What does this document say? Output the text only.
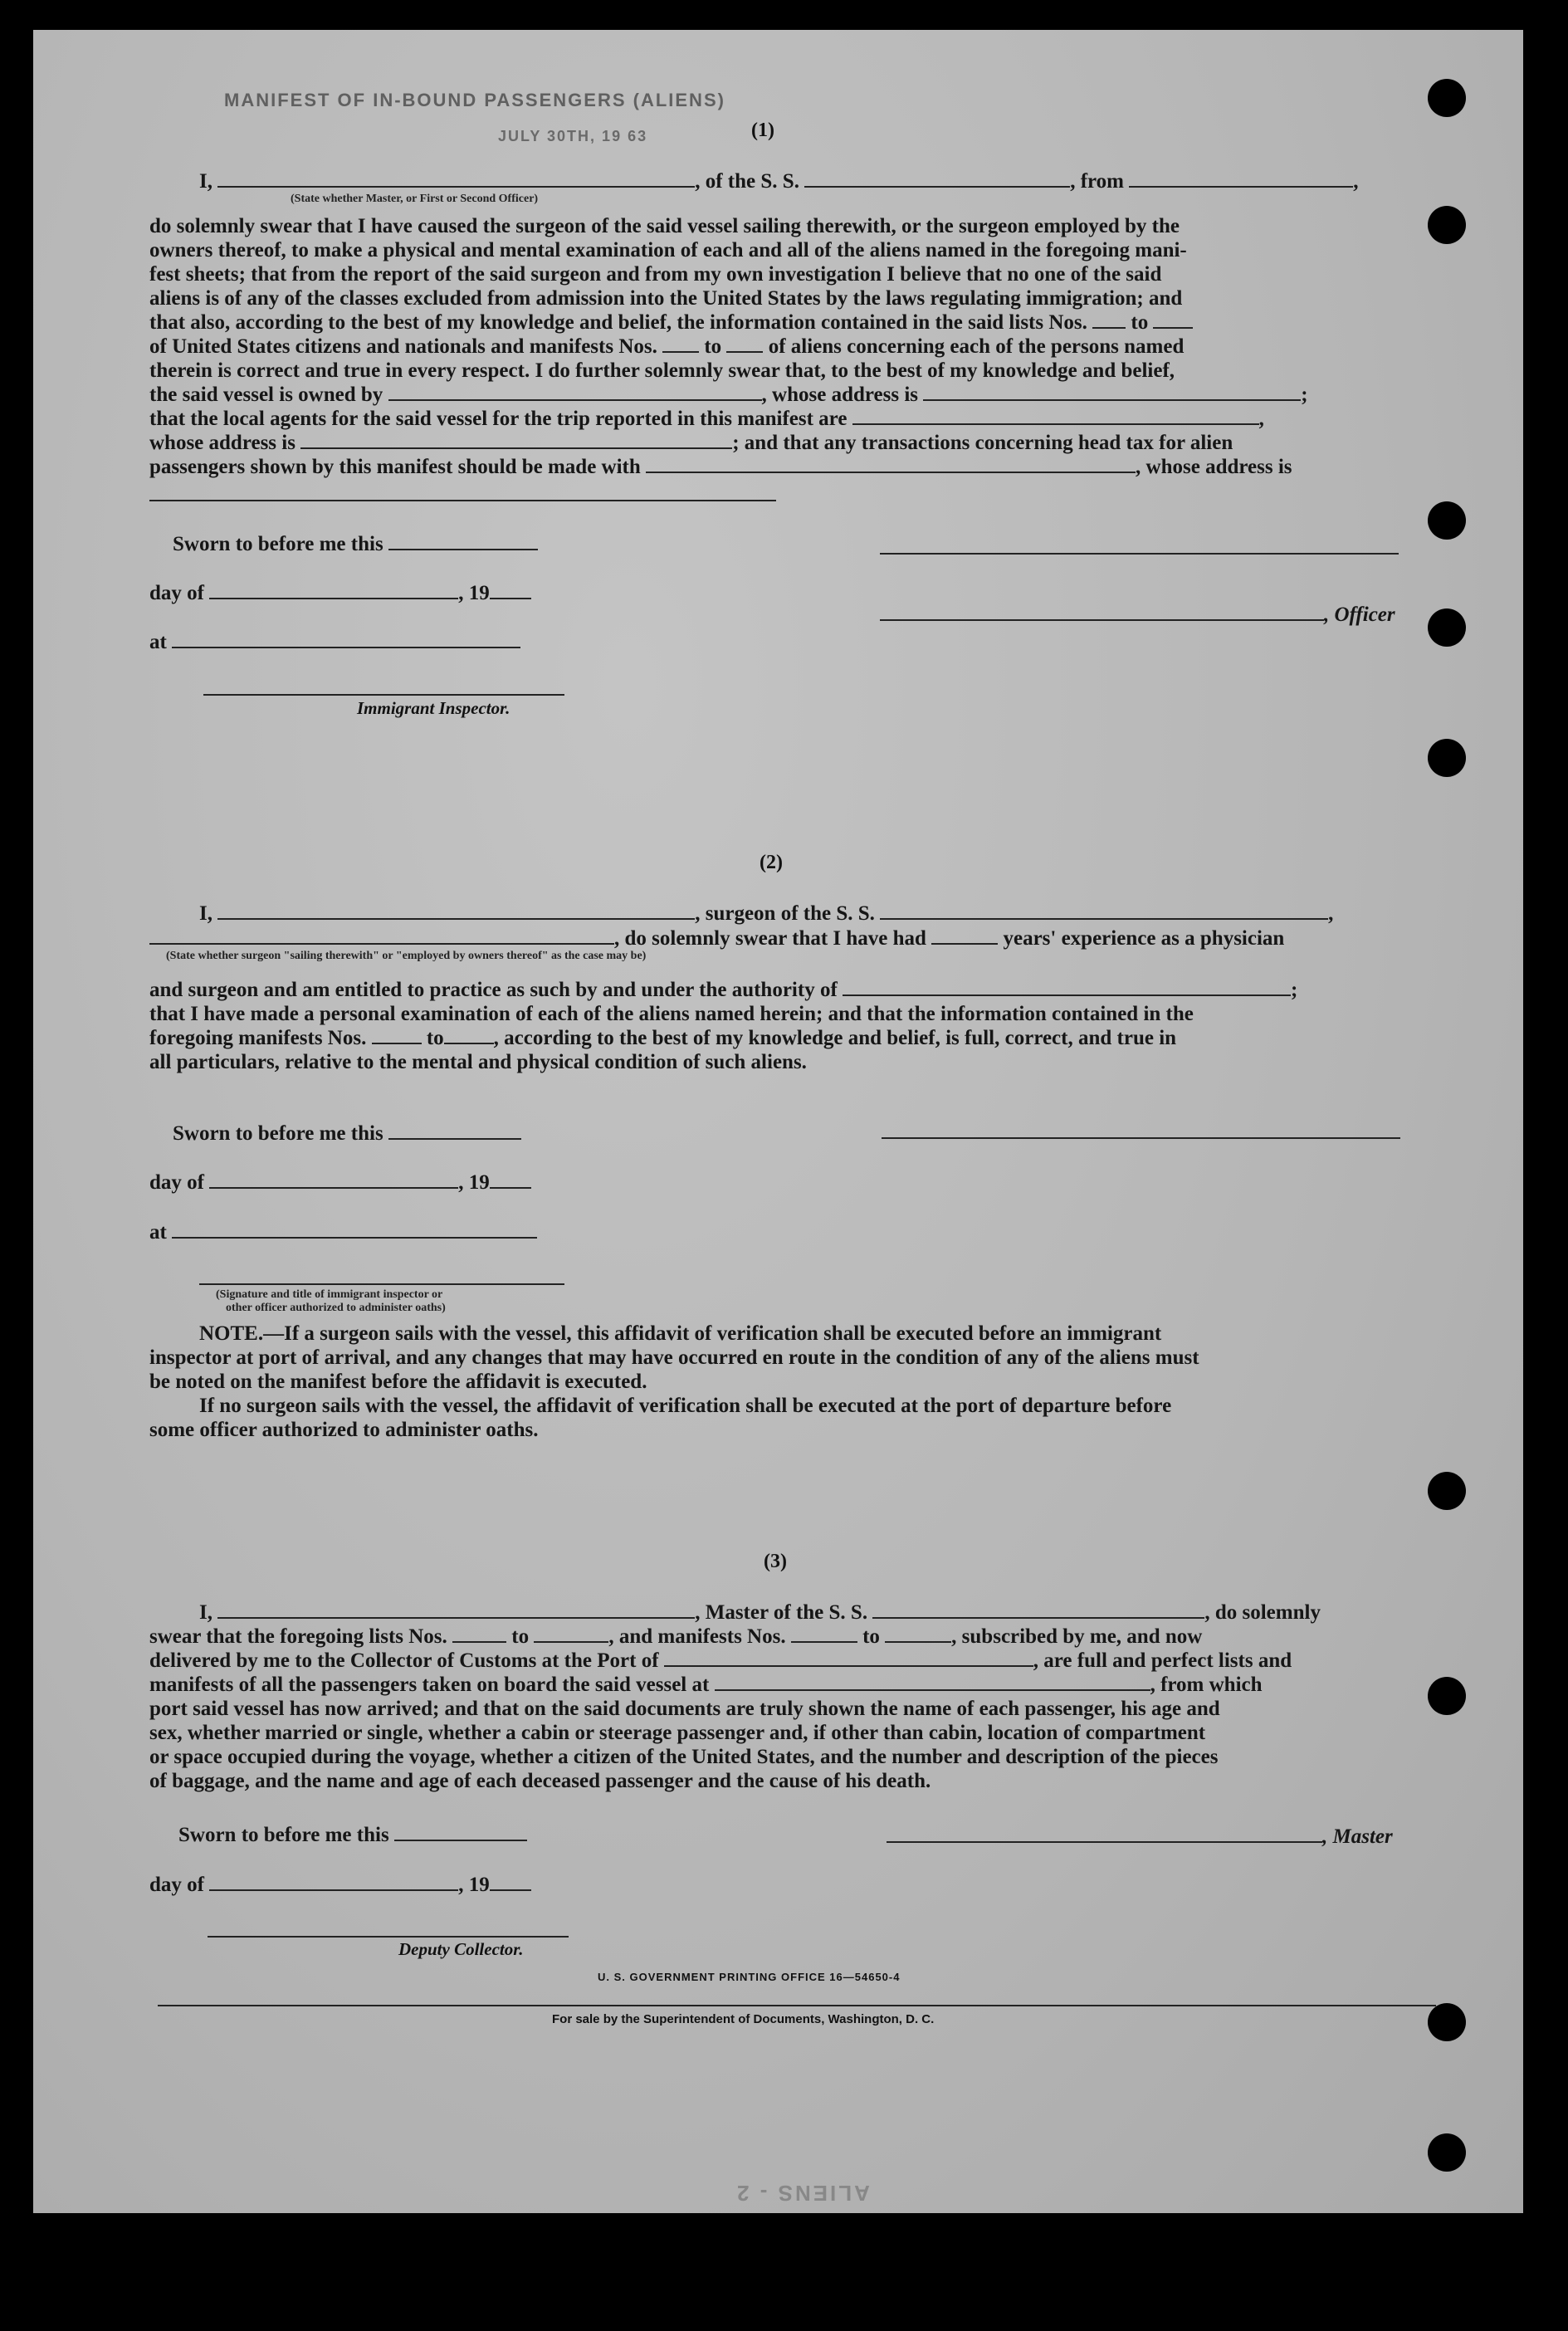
MANIFEST OF IN-BOUND PASSENGERS (ALIENS)
JULY 30TH, 19 63	(1)
I,	, of the S. S.	, from	,
(State whether Master, or First or Second Officer)
do solemnly swear that I have caused the surgeon of the said vessel sailing therewith, or the surgeon employed by the
owners thereof, to make a physical and mental examination of each and all of the aliens named in the foregoing mani-
fest sheets; that from the report of the said surgeon and from my own investigation I believe that no one of the said
aliens is of any of the classes excluded from admission into the United States by the laws regulating immigration; and
that also, according to the best of my knowledge and belief, the information contained in the said lists Nos. to
of United States citizens and nationals and manifests Nos. to of aliens concerning each of the persons named
therein is correct and true in every respect. I do further solemnly swear that, to the best of my knowledge and belief,
the said vessel is owned by	, whose address is	;
that the local agents for the said vessel for the trip reported in this manifest are	,
whose address is	; and that any transactions concerning head tax for alien
passengers shown by this manifest should be made with	, whose address is
Sworn to before me this
day of	, 19
, Officer
at
Immigrant Inspector.
(2)
I,	, surgeon of the S. S.	,
, do solemnly swear that I have had	years' experience as a physician
(State whether surgeon "sailing therewith" or "employed by owners thereof" as the case may be)
and surgeon and am entitled to practice as such by and under the authority of	;
that I have made a personal examination of each of the aliens named herein; and that the information contained in the
foregoing manifests Nos.	to , according to the best of my knowledge and belief, is full, correct, and true in
all particulars, relative to the mental and physical condition of such aliens.
Sworn to before me this
day of	, 19
at
(Signature and title of immigrant inspector or
other officer authorized to administer oaths)
NOTE.—If a surgeon sails with the vessel, this affidavit of verification shall be executed before an immigrant
inspector at port of arrival, and any changes that may have occurred en route in the condition of any of the aliens must
be noted on the manifest before the affidavit is executed.
If no surgeon sails with the vessel, the affidavit of verification shall be executed at the port of departure before
some officer authorized to administer oaths.
(3)
I,	, Master of the S. S.	, do solemnly
swear that the foregoing lists Nos.	to	, and manifests Nos.	to	, subscribed by me, and now
delivered by me to the Collector of Customs at the Port of	, are full and perfect lists and
manifests of all the passengers taken on board the said vessel at	, from which
port said vessel has now arrived; and that on the said documents are truly shown the name of each passenger, his age and
sex, whether married or single, whether a cabin or steerage passenger and, if other than cabin, location of compartment
or space occupied during the voyage, whether a citizen of the United States, and the number and description of the pieces
of baggage, and the name and age of each deceased passenger and the cause of his death.
Sworn to before me this	, Master
day of	, 19
Deputy Collector.
U. S. GOVERNMENT PRINTING OFFICE 16—54650-4
For sale by the Superintendent of Documents, Washington, D. C.
ALIENS - 2
